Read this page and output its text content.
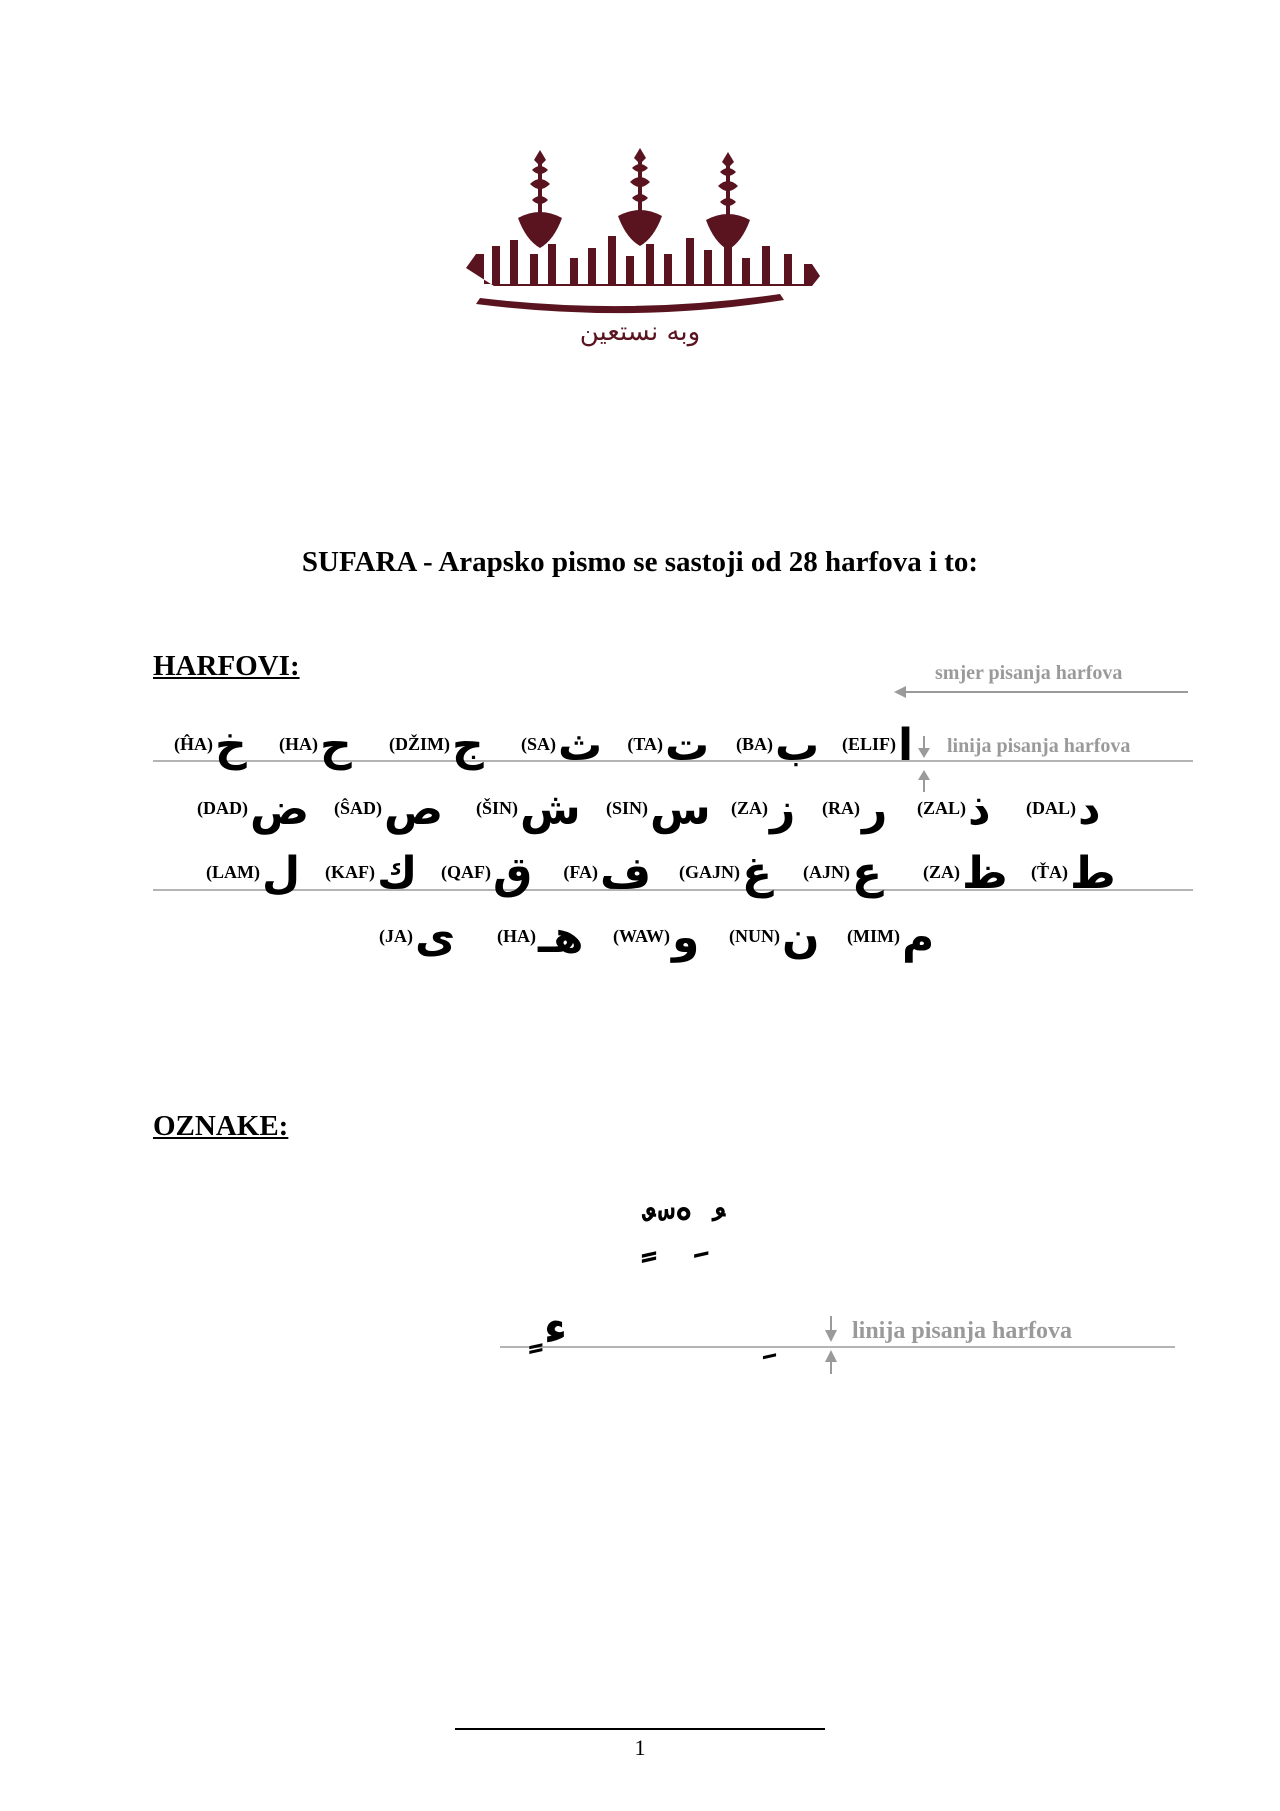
وبه نستعين
SUFARA - Arapsko pismo se sastoji od 28 harfova i to:
HARFOVI:	smjer pisanja harfova
linija pisanja harfova
(ĤA) خ (HA) ح (DŽIM) ج (SA) ث (TA) ت (BA) ب (ELIF) ا
(DAD) ض (ŜAD) ص (ŠIN) ش (SIN) س (ZA) ز (RA) ر (ZAL) ذ (DAL) د
(LAM) ل (KAF) ك (QAF) ق (FA) ف (GAJN) غ (AJN) ع (ZA) ظ (ŤA) ط
(JA) ى (HA) هـ (WAW) و (NUN) ن (MIM) م
OZNAKE:
ٍ ٌ ّ ْ ِ ُ
ٍ ء	linija pisanja harfova
1
